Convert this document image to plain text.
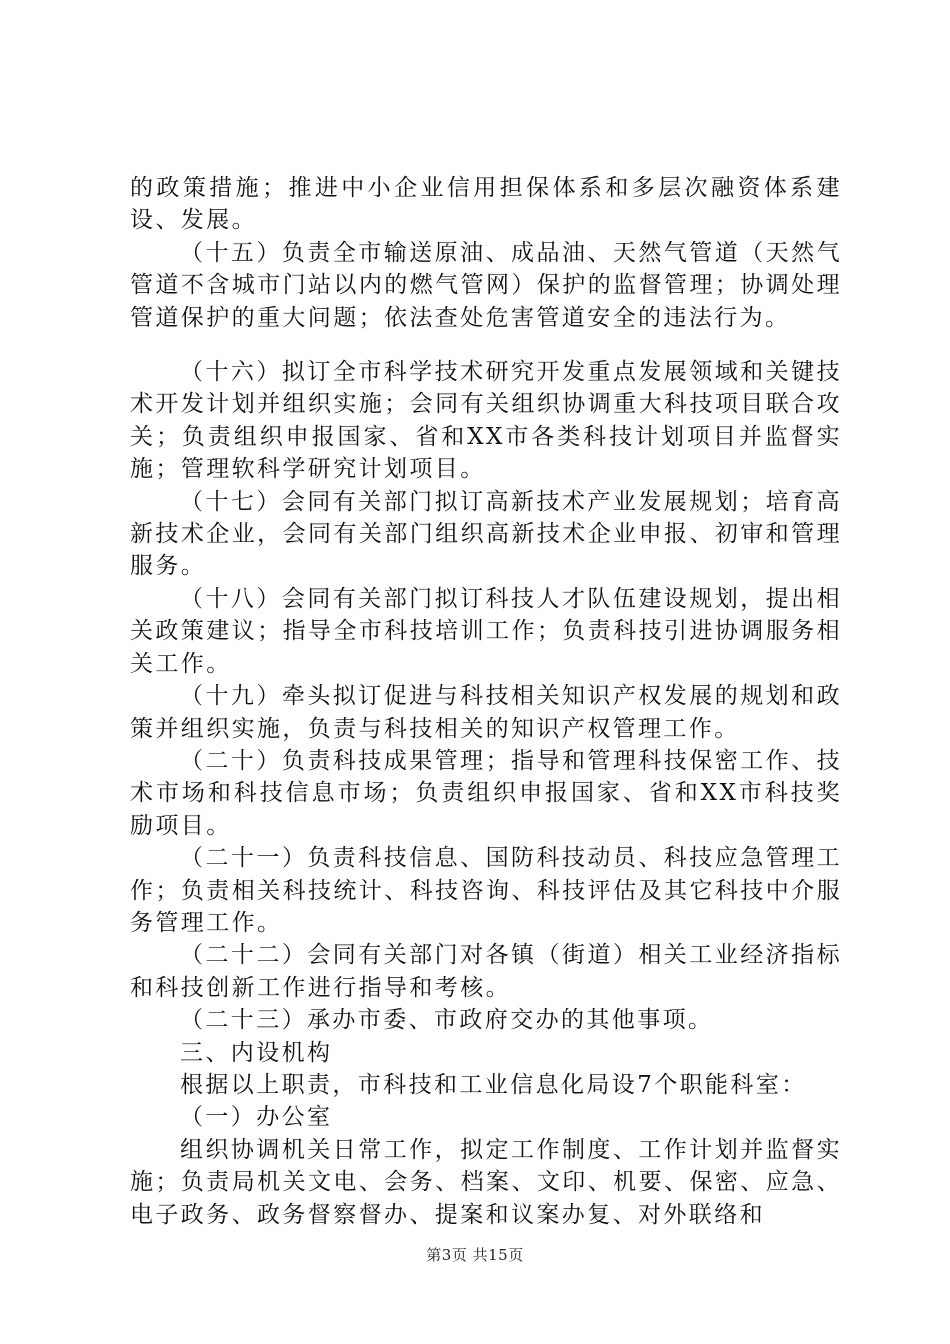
的政策措施；推进中小企业信用担保体系和多层次融资体系建设、发展。

（十五）负责全市输送原油、成品油、天然气管道（天然气管道不含城市门站以内的燃气管网）保护的监督管理；协调处理管道保护的重大问题；依法查处危害管道安全的违法行为。

（十六）拟订全市科学技术研究开发重点发展领域和关键技术开发计划并组织实施；会同有关组织协调重大科技项目联合攻关；负责组织申报国家、省和XX市各类科技计划项目并监督实施；管理软科学研究计划项目。

（十七）会同有关部门拟订高新技术产业发展规划；培育高新技术企业，会同有关部门组织高新技术企业申报、初审和管理服务。

（十八）会同有关部门拟订科技人才队伍建设规划，提出相关政策建议；指导全市科技培训工作；负责科技引进协调服务相关工作。

（十九）牵头拟订促进与科技相关知识产权发展的规划和政策并组织实施，负责与科技相关的知识产权管理工作。

（二十）负责科技成果管理；指导和管理科技保密工作、技术市场和科技信息市场；负责组织申报国家、省和XX市科技奖励项目。

（二十一）负责科技信息、国防科技动员、科技应急管理工作；负责相关科技统计、科技咨询、科技评估及其它科技中介服务管理工作。

（二十二）会同有关部门对各镇（街道）相关工业经济指标和科技创新工作进行指导和考核。

（二十三）承办市委、市政府交办的其他事项。

三、内设机构

根据以上职责，市科技和工业信息化局设7个职能科室：

（一）办公室

组织协调机关日常工作，拟定工作制度、工作计划并监督实施；负责局机关文电、会务、档案、文印、机要、保密、应急、电子政务、政务督察督办、提案和议案办复、对外联络和

第3页 共15页
